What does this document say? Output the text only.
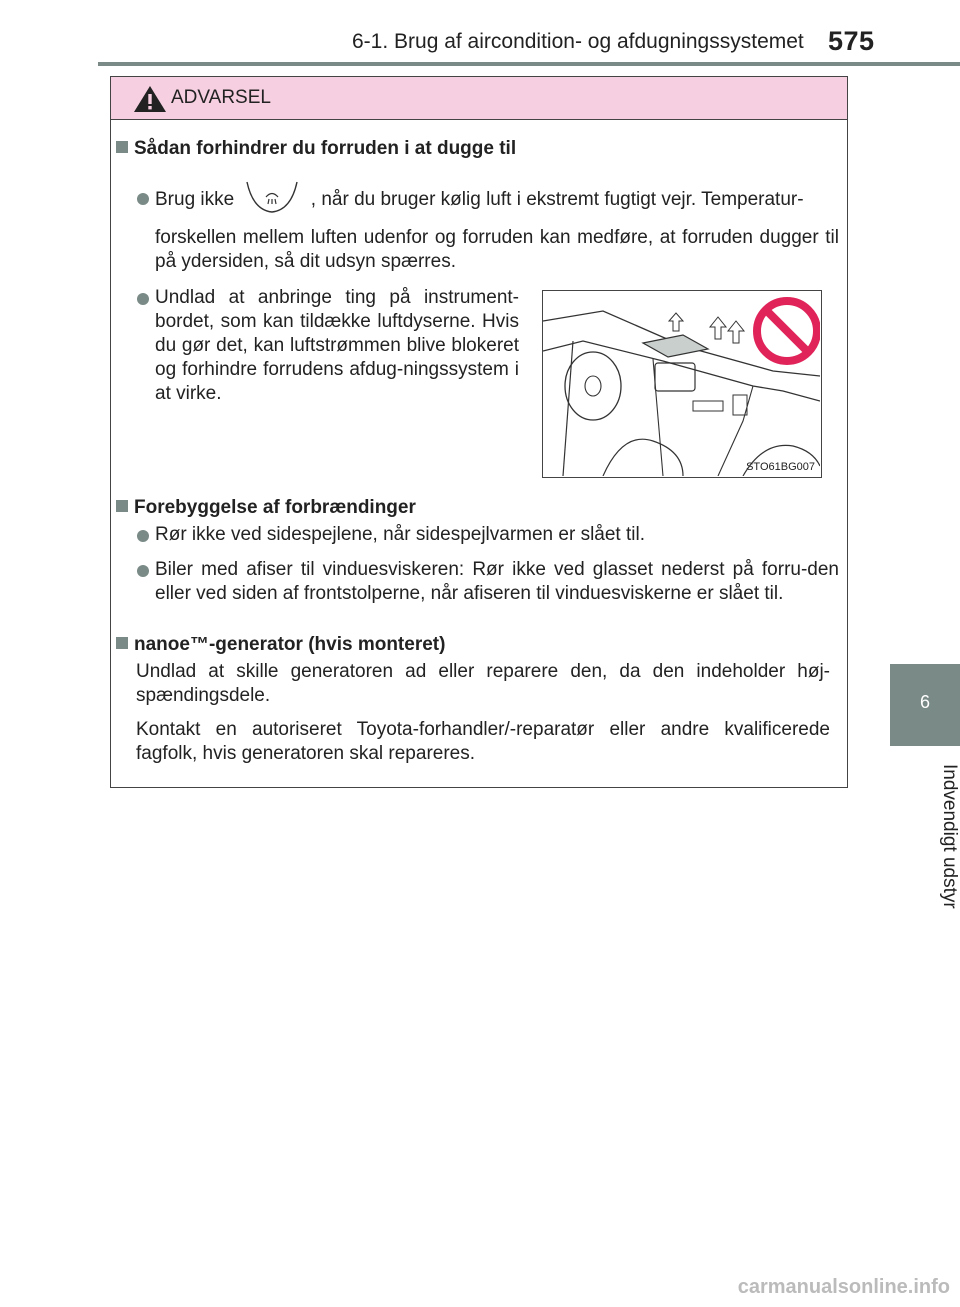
6-1. Brug af aircondition- og afdugningssystemet 575
6
Indvendigt udstyr
ADVARSEL
Sådan forhindrer du forruden i at dugge til
Brug ikke	, når du bruger kølig luft i ekstremt fugtigt vejr. Temperatur-
forskellen mellem luften udenfor og forruden kan medføre, at forruden dugger til på ydersiden, så dit udsyn spærres.
Undlad at anbringe ting på instrument-bordet, som kan tildække luftdyserne. Hvis du gør det, kan luftstrømmen blive blokeret og forhindre forrudens afdug-ningssystem i at virke.
STO61BG007
Forebyggelse af forbrændinger
Rør ikke ved sidespejlene, når sidespejlvarmen er slået til.
Biler med afiser til vinduesviskeren: Rør ikke ved glasset nederst på forru-den eller ved siden af frontstolperne, når afiseren til vinduesviskerne er slået til.
nanoe™-generator (hvis monteret)
Undlad at skille generatoren ad eller reparere den, da den indeholder høj-spændingsdele.
Kontakt en autoriseret Toyota-forhandler/-reparatør eller andre kvalificerede fagfolk, hvis generatoren skal repareres.
carmanualsonline.info
